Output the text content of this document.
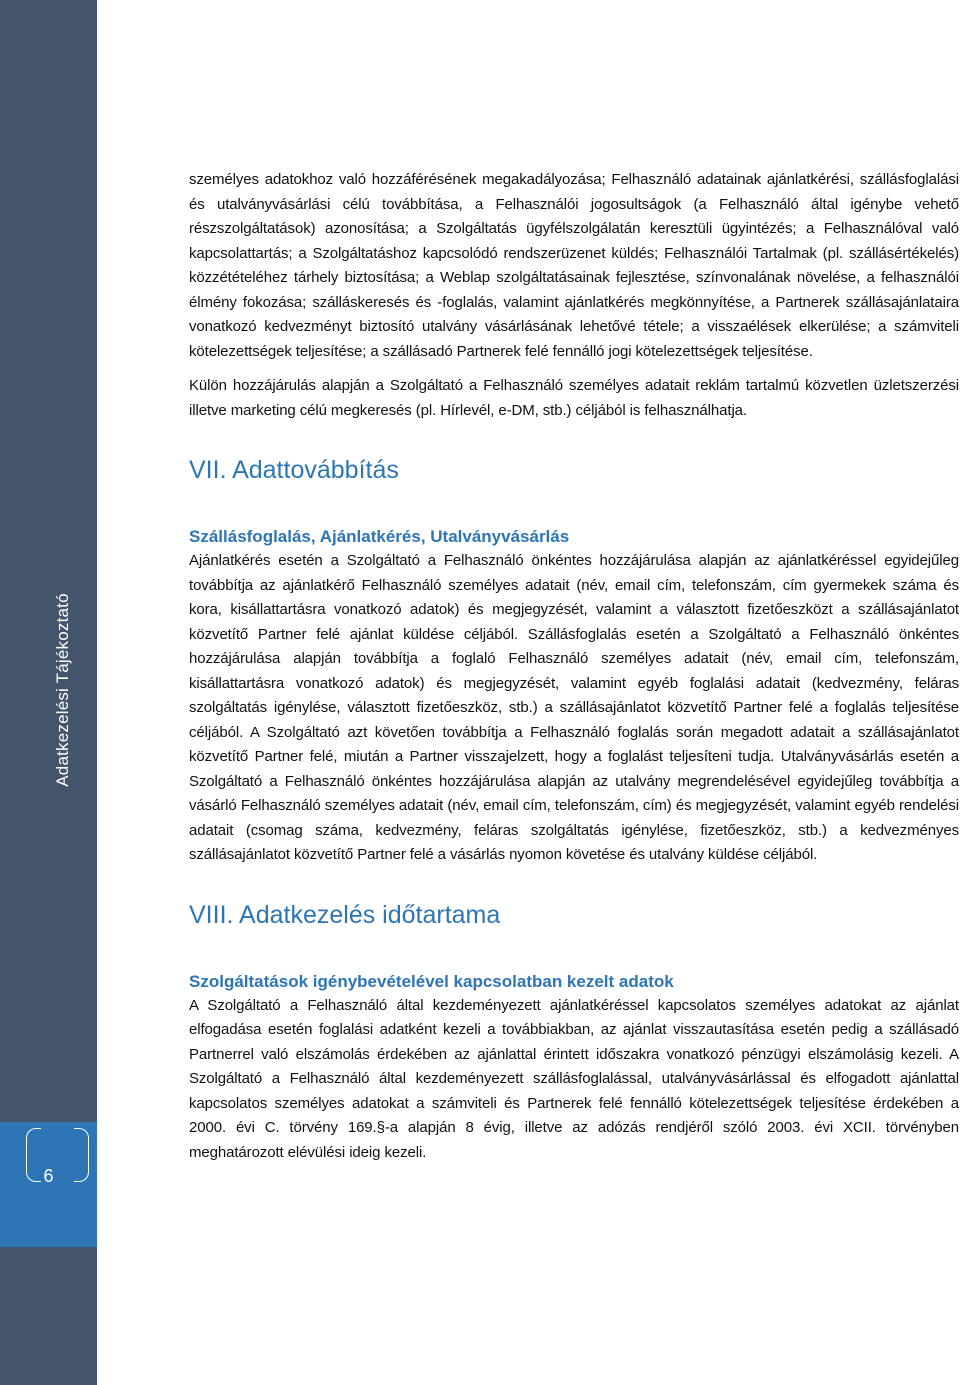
Adatkezelési Tájékoztató
6

személyes adatokhoz való hozzáférésének megakadályozása; Felhasználó adatainak ajánlatkérési, szállásfoglalási és utalványvásárlási célú továbbítása, a Felhasználói jogosultságok (a Felhasználó által igénybe vehető részszolgáltatások) azonosítása; a Szolgáltatás ügyfélszolgálatán keresztüli ügyintézés; a Felhasználóval való kapcsolattartás; a Szolgáltatáshoz kapcsolódó rendszerüzenet küldés; Felhasználói Tartalmak (pl. szállásértékelés) közzétételéhez tárhely biztosítása; a Weblap szolgáltatásainak fejlesztése, színvonalának növelése, a felhasználói élmény fokozása; szálláskeresés és -foglalás, valamint ajánlatkérés megkönnyítése, a Partnerek szállásajánlataira vonatkozó kedvezményt biztosító utalvány vásárlásának lehetővé tétele; a visszaélések elkerülése; a számviteli kötelezettségek teljesítése; a szállásadó Partnerek felé fennálló jogi kötelezettségek teljesítése.

Külön hozzájárulás alapján a Szolgáltató a Felhasználó személyes adatait reklám tartalmú közvetlen üzletszerzési illetve marketing célú megkeresés (pl. Hírlevél, e-DM, stb.) céljából is felhasználhatja.

VII. Adattovábbítás
Szállásfoglalás, Ajánlatkérés, Utalványvásárlás

Ajánlatkérés esetén a Szolgáltató a Felhasználó önkéntes hozzájárulása alapján az ajánlatkéréssel egyidejűleg továbbítja az ajánlatkérő Felhasználó személyes adatait (név, email cím, telefonszám, cím gyermekek száma és kora, kisállattartásra vonatkozó adatok) és megjegyzését, valamint a választott fizetőeszközt a szállásajánlatot közvetítő Partner felé ajánlat küldése céljából. Szállásfoglalás esetén a Szolgáltató a Felhasználó önkéntes hozzájárulása alapján továbbítja a foglaló Felhasználó személyes adatait (név, email cím, telefonszám, kisállattartásra vonatkozó adatok) és megjegyzését, valamint egyéb foglalási adatait (kedvezmény, feláras szolgáltatás igénylése, választott fizetőeszköz, stb.) a szállásajánlatot közvetítő Partner felé a foglalás teljesítése céljából. A Szolgáltató azt követően továbbítja a Felhasználó foglalás során megadott adatait a szállásajánlatot közvetítő Partner felé, miután a Partner visszajelzett, hogy a foglalást teljesíteni tudja. Utalványvásárlás esetén a Szolgáltató a Felhasználó önkéntes hozzájárulása alapján az utalvány megrendelésével egyidejűleg továbbítja a vásárló Felhasználó személyes adatait (név, email cím, telefonszám, cím) és megjegyzését, valamint egyéb rendelési adatait (csomag száma, kedvezmény, feláras szolgáltatás igénylése, fizetőeszköz, stb.) a kedvezményes szállásajánlatot közvetítő Partner felé a vásárlás nyomon követése és utalvány küldése céljából.

VIII. Adatkezelés időtartama
Szolgáltatások igénybevételével kapcsolatban kezelt adatok

A Szolgáltató a Felhasználó által kezdeményezett ajánlatkéréssel kapcsolatos személyes adatokat az ajánlat elfogadása esetén foglalási adatként kezeli a továbbiakban, az ajánlat visszautasítása esetén pedig a szállásadó Partnerrel való elszámolás érdekében az ajánlattal érintett időszakra vonatkozó pénzügyi elszámolásig kezeli. A Szolgáltató a Felhasználó által kezdeményezett szállásfoglalással, utalványvásárlással és elfogadott ajánlattal kapcsolatos személyes adatokat a számviteli és Partnerek felé fennálló kötelezettségek teljesítése érdekében a 2000. évi C. törvény 169.§-a alapján 8 évig, illetve az adózás rendjéről szóló 2003. évi XCII. törvényben meghatározott elévülési ideig kezeli.
